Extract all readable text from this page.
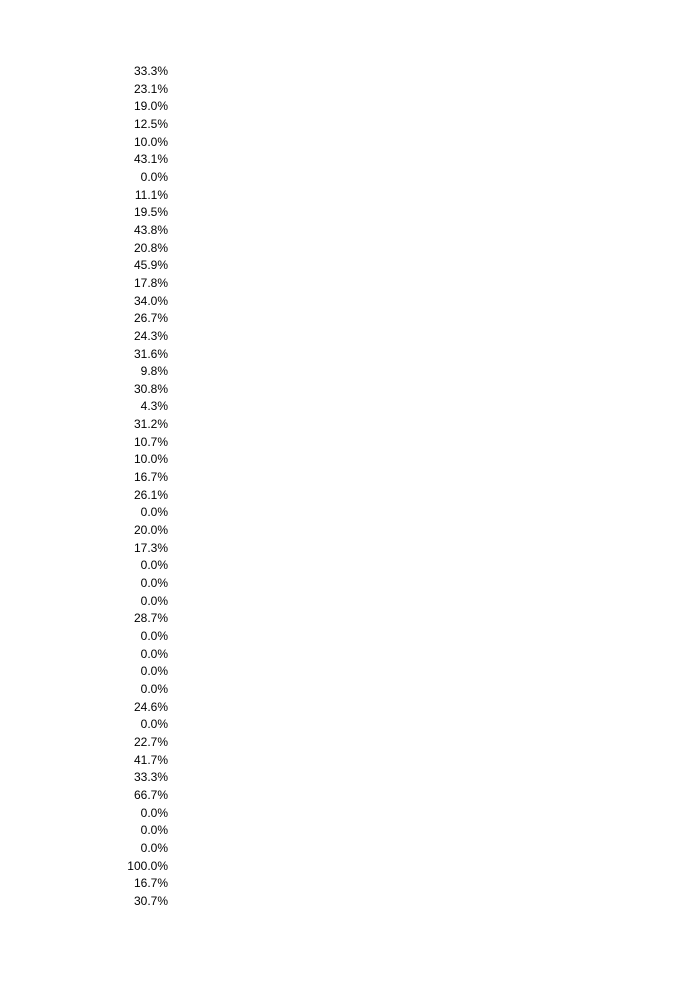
33.3%
23.1%
19.0%
12.5%
10.0%
43.1%
0.0%
11.1%
19.5%
43.8%
20.8%
45.9%
17.8%
34.0%
26.7%
24.3%
31.6%
9.8%
30.8%
4.3%
31.2%
10.7%
10.0%
16.7%
26.1%
0.0%
20.0%
17.3%
0.0%
0.0%
0.0%
28.7%
0.0%
0.0%
0.0%
0.0%
24.6%
0.0%
22.7%
41.7%
33.3%
66.7%
0.0%
0.0%
0.0%
100.0%
16.7%
30.7%
